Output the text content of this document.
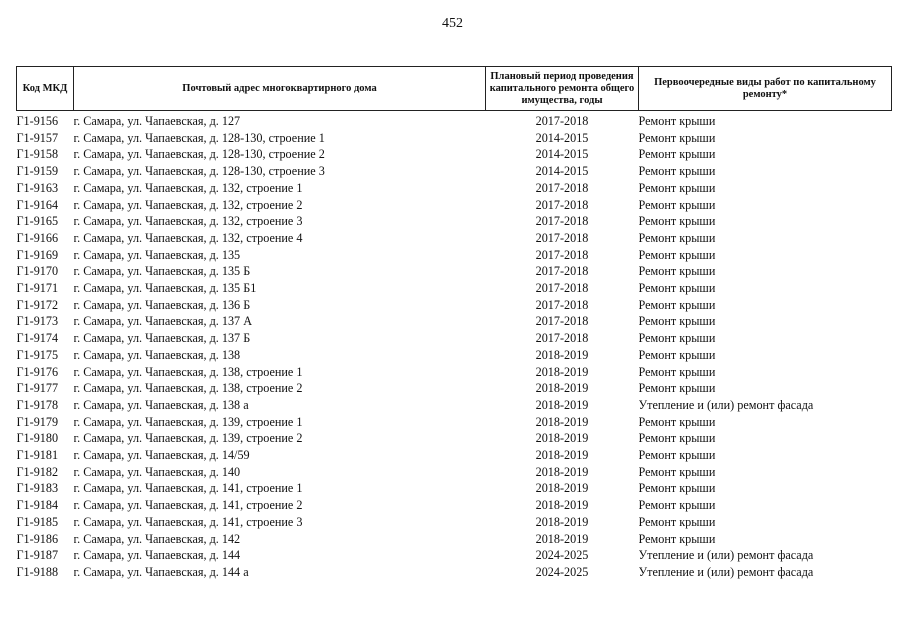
452
Код МКД	Почтовый адрес многоквартирного дома	Плановый период проведения капитального ремонта общего имущества, годы	Первоочередные виды работ по капитальному ремонту*
Г1-9156	г. Самара, ул. Чапаевская, д. 127	2017-2018	Ремонт крыши
Г1-9157	г. Самара, ул. Чапаевская, д. 128-130, строение 1	2014-2015	Ремонт крыши
Г1-9158	г. Самара, ул. Чапаевская, д. 128-130, строение 2	2014-2015	Ремонт крыши
Г1-9159	г. Самара, ул. Чапаевская, д. 128-130, строение 3	2014-2015	Ремонт крыши
Г1-9163	г. Самара, ул. Чапаевская, д. 132, строение 1	2017-2018	Ремонт крыши
Г1-9164	г. Самара, ул. Чапаевская, д. 132, строение 2	2017-2018	Ремонт крыши
Г1-9165	г. Самара, ул. Чапаевская, д. 132, строение 3	2017-2018	Ремонт крыши
Г1-9166	г. Самара, ул. Чапаевская, д. 132, строение 4	2017-2018	Ремонт крыши
Г1-9169	г. Самара, ул. Чапаевская, д. 135	2017-2018	Ремонт крыши
Г1-9170	г. Самара, ул. Чапаевская, д. 135 Б	2017-2018	Ремонт крыши
Г1-9171	г. Самара, ул. Чапаевская, д. 135 Б1	2017-2018	Ремонт крыши
Г1-9172	г. Самара, ул. Чапаевская, д. 136 Б	2017-2018	Ремонт крыши
Г1-9173	г. Самара, ул. Чапаевская, д. 137 А	2017-2018	Ремонт крыши
Г1-9174	г. Самара, ул. Чапаевская, д. 137 Б	2017-2018	Ремонт крыши
Г1-9175	г. Самара, ул. Чапаевская, д. 138	2018-2019	Ремонт крыши
Г1-9176	г. Самара, ул. Чапаевская, д. 138, строение 1	2018-2019	Ремонт крыши
Г1-9177	г. Самара, ул. Чапаевская, д. 138, строение 2	2018-2019	Ремонт крыши
Г1-9178	г. Самара, ул. Чапаевская, д. 138 а	2018-2019	Утепление и (или) ремонт фасада
Г1-9179	г. Самара, ул. Чапаевская, д. 139, строение 1	2018-2019	Ремонт крыши
Г1-9180	г. Самара, ул. Чапаевская, д. 139, строение 2	2018-2019	Ремонт крыши
Г1-9181	г. Самара, ул. Чапаевская, д. 14/59	2018-2019	Ремонт крыши
Г1-9182	г. Самара, ул. Чапаевская, д. 140	2018-2019	Ремонт крыши
Г1-9183	г. Самара, ул. Чапаевская, д. 141, строение 1	2018-2019	Ремонт крыши
Г1-9184	г. Самара, ул. Чапаевская, д. 141, строение 2	2018-2019	Ремонт крыши
Г1-9185	г. Самара, ул. Чапаевская, д. 141, строение 3	2018-2019	Ремонт крыши
Г1-9186	г. Самара, ул. Чапаевская, д. 142	2018-2019	Ремонт крыши
Г1-9187	г. Самара, ул. Чапаевская, д. 144	2024-2025	Утепление и (или) ремонт фасада
Г1-9188	г. Самара, ул. Чапаевская, д. 144 а	2024-2025	Утепление и (или) ремонт фасада
